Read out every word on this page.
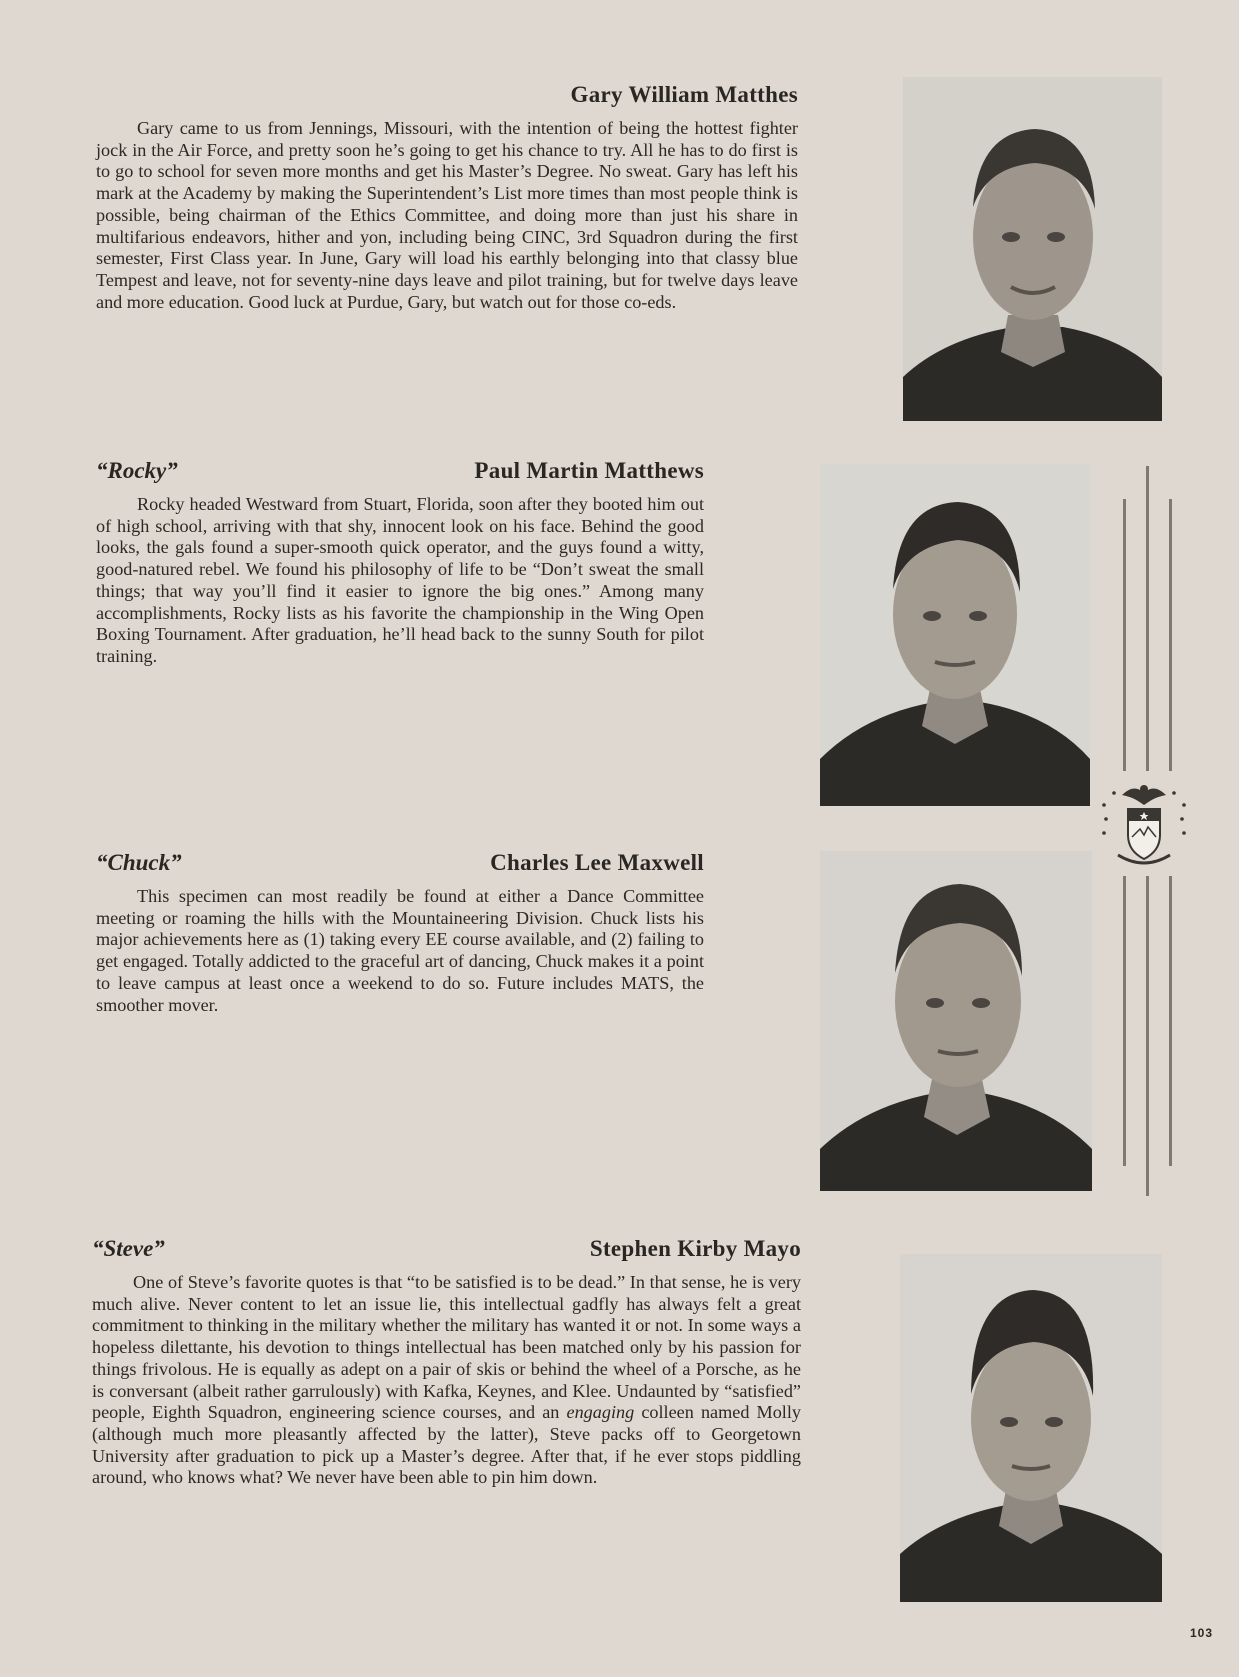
Gary William Matthes

Gary came to us from Jennings, Missouri, with the intention of being the hottest fighter jock in the Air Force, and pretty soon he’s going to get his chance to try. All he has to do first is to go to school for seven more months and get his Master’s Degree. No sweat. Gary has left his mark at the Academy by making the Superintendent’s List more times than most people think is possible, being chairman of the Ethics Committee, and doing more than just his share in multifarious endeavors, hither and yon, including being CINC, 3rd Squadron during the first semester, First Class year. In June, Gary will load his earthly belonging into that classy blue Tempest and leave, not for seventy-nine days leave and pilot training, but for twelve days leave and more education. Good luck at Purdue, Gary, but watch out for those co-eds.

“Rocky”	Paul Martin Matthews

Rocky headed Westward from Stuart, Florida, soon after they booted him out of high school, arriving with that shy, innocent look on his face. Behind the good looks, the gals found a super-smooth quick operator, and the guys found a witty, good-natured rebel. We found his philosophy of life to be “Don’t sweat the small things; that way you’ll find it easier to ignore the big ones.” Among many accomplishments, Rocky lists as his favorite the championship in the Wing Open Boxing Tournament. After graduation, he’ll head back to the sunny South for pilot training.

“Chuck”	Charles Lee Maxwell

This specimen can most readily be found at either a Dance Committee meeting or roaming the hills with the Mountaineering Division. Chuck lists his major achievements here as (1) taking every EE course available, and (2) failing to get engaged. Totally addicted to the graceful art of dancing, Chuck makes it a point to leave campus at least once a weekend to do so. Future includes MATS, the smoother mover.

“Steve”	Stephen Kirby Mayo

One of Steve’s favorite quotes is that “to be satisfied is to be dead.” In that sense, he is very much alive. Never content to let an issue lie, this intellectual gadfly has always felt a great commitment to thinking in the military whether the military has wanted it or not. In some ways a hopeless dilettante, his devotion to things intellectual has been matched only by his passion for things frivolous. He is equally as adept on a pair of skis or behind the wheel of a Porsche, as he is conversant (albeit rather garrulously) with Kafka, Keynes, and Klee. Undaunted by “satisfied” people, Eighth Squadron, engineering science courses, and an engaging colleen named Molly (although much more pleasantly affected by the latter), Steve packs off to Georgetown University after graduation to pick up a Master’s degree. After that, if he ever stops piddling around, who knows what? We never have been able to pin him down.

103
